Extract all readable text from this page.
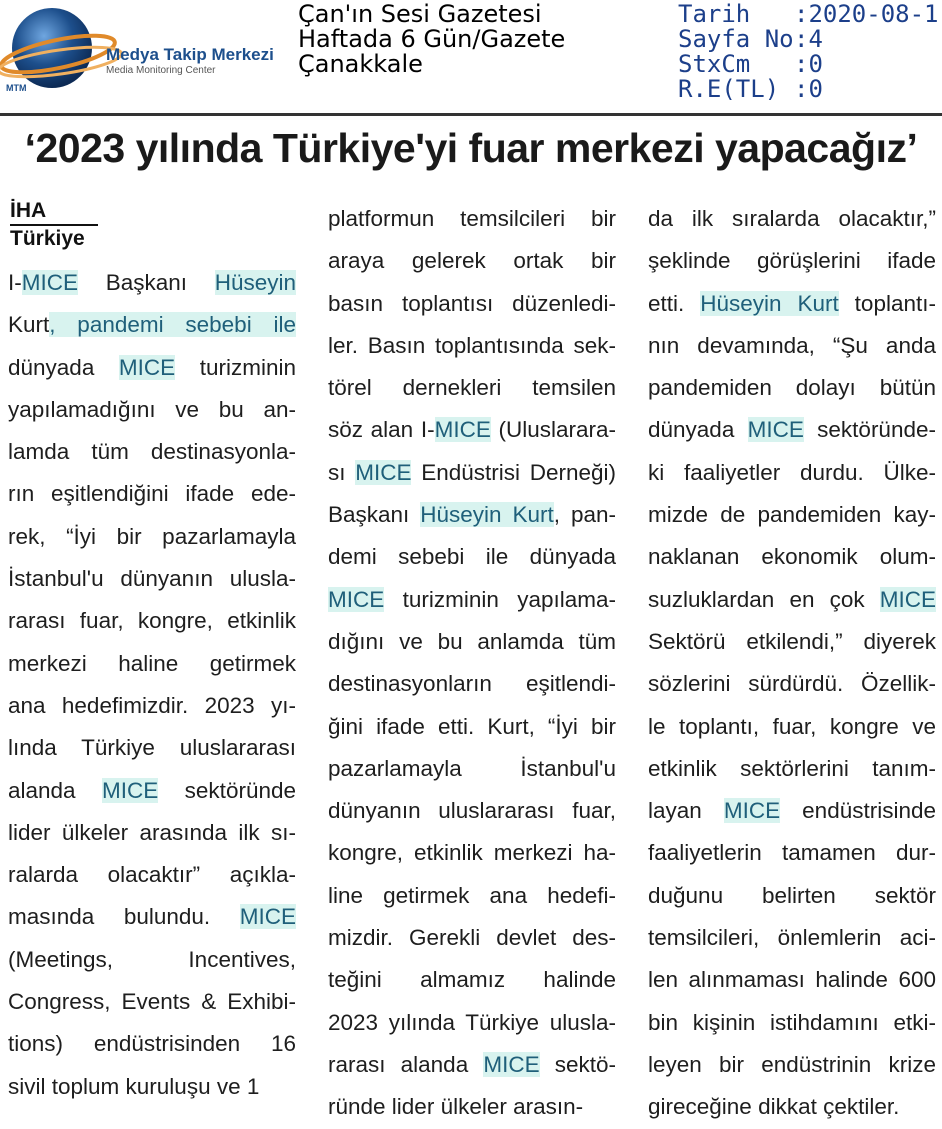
Medya Takip Merkezi
Media Monitoring Center
MTM
Çan'ın Sesi Gazetesi
Haftada 6 Gün/Gazete
Çanakkale
Tarih	:2020-08-1
Sayfa No :4
StxCm	:0
R.E(TL) :0
‘2023 yılında Türkiye'yi fuar merkezi yapacağız’
İHA
Türkiye
I-MICE Başkanı Hüseyin
Kurt, pandemi sebebi ile
dünyada MICE turizminin
yapılamadığını ve bu an-
lamda tüm destinasyonla-
rın eşitlendiğini ifade ede-
rek, “İyi bir pazarlamayla
İstanbul'u dünyanın ulusla-
rarası fuar, kongre, etkinlik
merkezi haline getirmek
ana hedefimizdir. 2023 yı-
lında Türkiye uluslararası
alanda MICE sektöründe
lider ülkeler arasında ilk sı-
ralarda olacaktır” açıkla-
masında bulundu. MICE
(Meetings, Incentives,
Congress, Events & Exhibi-
tions) endüstrisinden 16
sivil toplum kuruluşu ve 1
platformun temsilcileri bir
araya gelerek ortak bir
basın toplantısı düzenledi-
ler. Basın toplantısında sek-
törel dernekleri temsilen
söz alan I-MICE (Uluslarara-
sı MICE Endüstrisi Derneği)
Başkanı Hüseyin Kurt, pan-
demi sebebi ile dünyada
MICE turizminin yapılama-
dığını ve bu anlamda tüm
destinasyonların eşitlendi-
ğini ifade etti. Kurt, “İyi bir
pazarlamayla İstanbul'u
dünyanın uluslararası fuar,
kongre, etkinlik merkezi ha-
line getirmek ana hedefi-
mizdir. Gerekli devlet des-
teğini almamız halinde
2023 yılında Türkiye ulusla-
rarası alanda MICE sektö-
ründe lider ülkeler arasın-
da ilk sıralarda olacaktır,”
şeklinde görüşlerini ifade
etti. Hüseyin Kurt toplantı-
nın devamında, “Şu anda
pandemiden dolayı bütün
dünyada MICE sektöründe-
ki faaliyetler durdu. Ülke-
mizde de pandemiden kay-
naklanan ekonomik olum-
suzluklardan en çok MICE
Sektörü etkilendi,” diyerek
sözlerini sürdürdü. Özellik-
le toplantı, fuar, kongre ve
etkinlik sektörlerini tanım-
layan MICE endüstrisinde
faaliyetlerin tamamen dur-
duğunu belirten sektör
temsilcileri, önlemlerin aci-
len alınmaması halinde 600
bin kişinin istihdamını etki-
leyen bir endüstrinin krize
gireceğine dikkat çektiler.
